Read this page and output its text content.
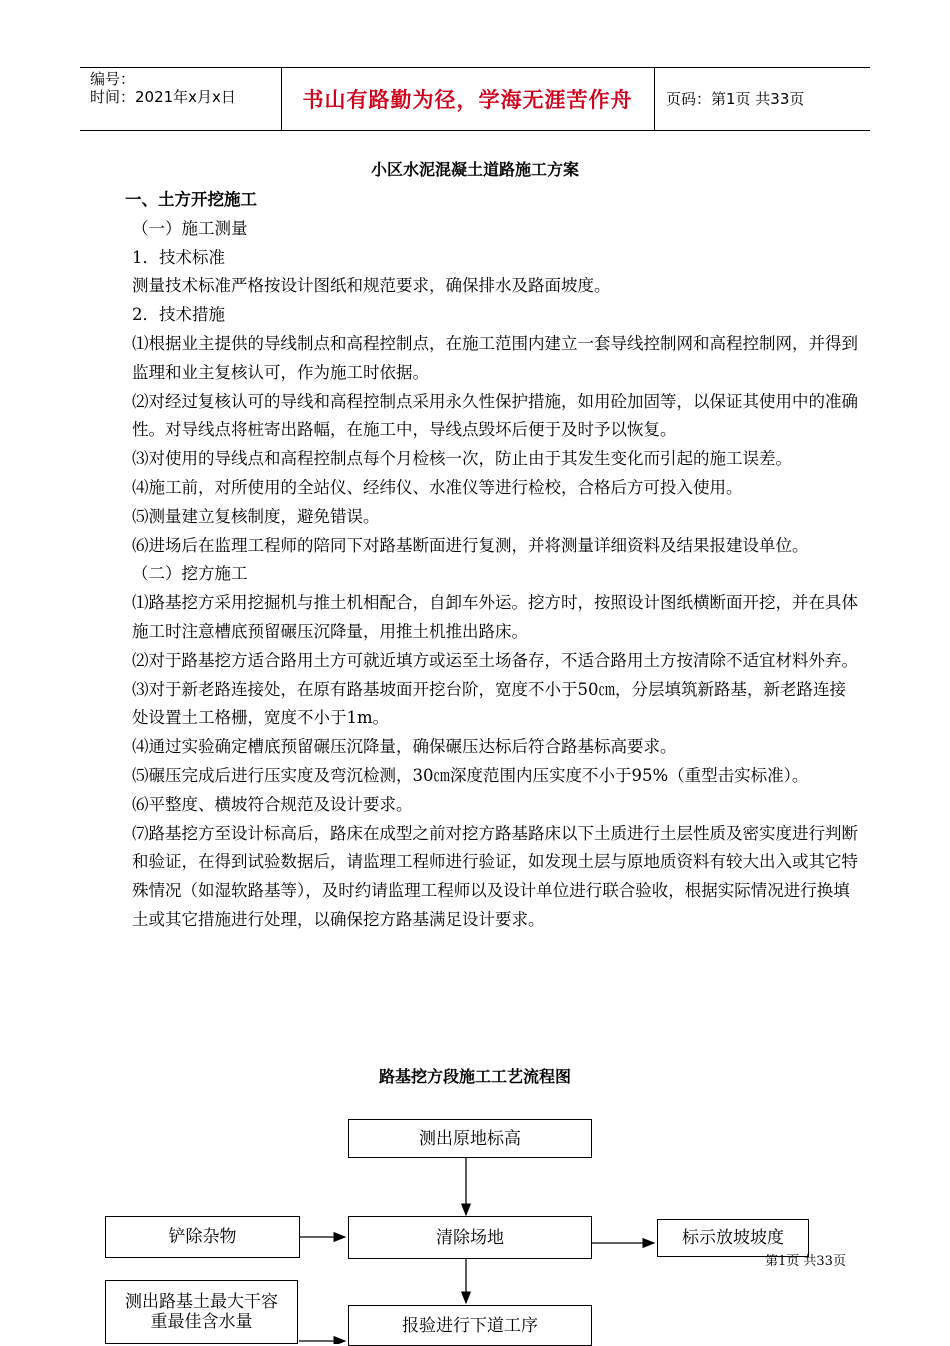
编号：
时间：2021年x月x日	书山有路勤为径，学海无涯苦作舟	页码：第1页 共33页
小区水泥混凝土道路施工方案

一、土方开挖施工

（一）施工测量

1．技术标准

测量技术标准严格按设计图纸和规范要求，确保排水及路面坡度。

2．技术措施

⑴根据业主提供的导线制点和高程控制点，在施工范围内建立一套导线控制网和高程控制网，并得到监理和业主复核认可，作为施工时依据。

⑵对经过复核认可的导线和高程控制点采用永久性保护措施，如用砼加固等，以保证其使用中的准确性。对导线点将桩寄出路幅，在施工中，导线点毁坏后便于及时予以恢复。

⑶对使用的导线点和高程控制点每个月检核一次，防止由于其发生变化而引起的施工误差。

⑷施工前，对所使用的全站仪、经纬仪、水准仪等进行检校，合格后方可投入使用。

⑸测量建立复核制度，避免错误。

⑹进场后在监理工程师的陪同下对路基断面进行复测，并将测量详细资料及结果报建设单位。

（二）挖方施工

⑴路基挖方采用挖掘机与推土机相配合，自卸车外运。挖方时，按照设计图纸横断面开挖，并在具体施工时注意槽底预留碾压沉降量，用推土机推出路床。

⑵对于路基挖方适合路用土方可就近填方或运至土场备存，不适合路用土方按清除不适宜材料外弃。

⑶对于新老路连接处，在原有路基坡面开挖台阶，宽度不小于50㎝，分层填筑新路基，新老路连接处设置土工格栅，宽度不小于1m。

⑷通过实验确定槽底预留碾压沉降量，确保碾压达标后符合路基标高要求。

⑸碾压完成后进行压实度及弯沉检测，30㎝深度范围内压实度不小于95%（重型击实标准）。

⑹平整度、横坡符合规范及设计要求。

⑺路基挖方至设计标高后，路床在成型之前对挖方路基路床以下土质进行土层性质及密实度进行判断和验证，在得到试验数据后，请监理工程师进行验证，如发现土层与原地质资料有较大出入或其它特殊情况（如湿软路基等），及时约请监理工程师以及设计单位进行联合验收，根据实际情况进行换填土或其它措施进行处理，以确保挖方路基满足设计要求。

路基挖方段施工工艺流程图
测出原地标高
铲除杂物	清除场地	标示放坡坡度
第1页 共33页
测出路基土最大干容重最佳含水量	报验进行下道工序
